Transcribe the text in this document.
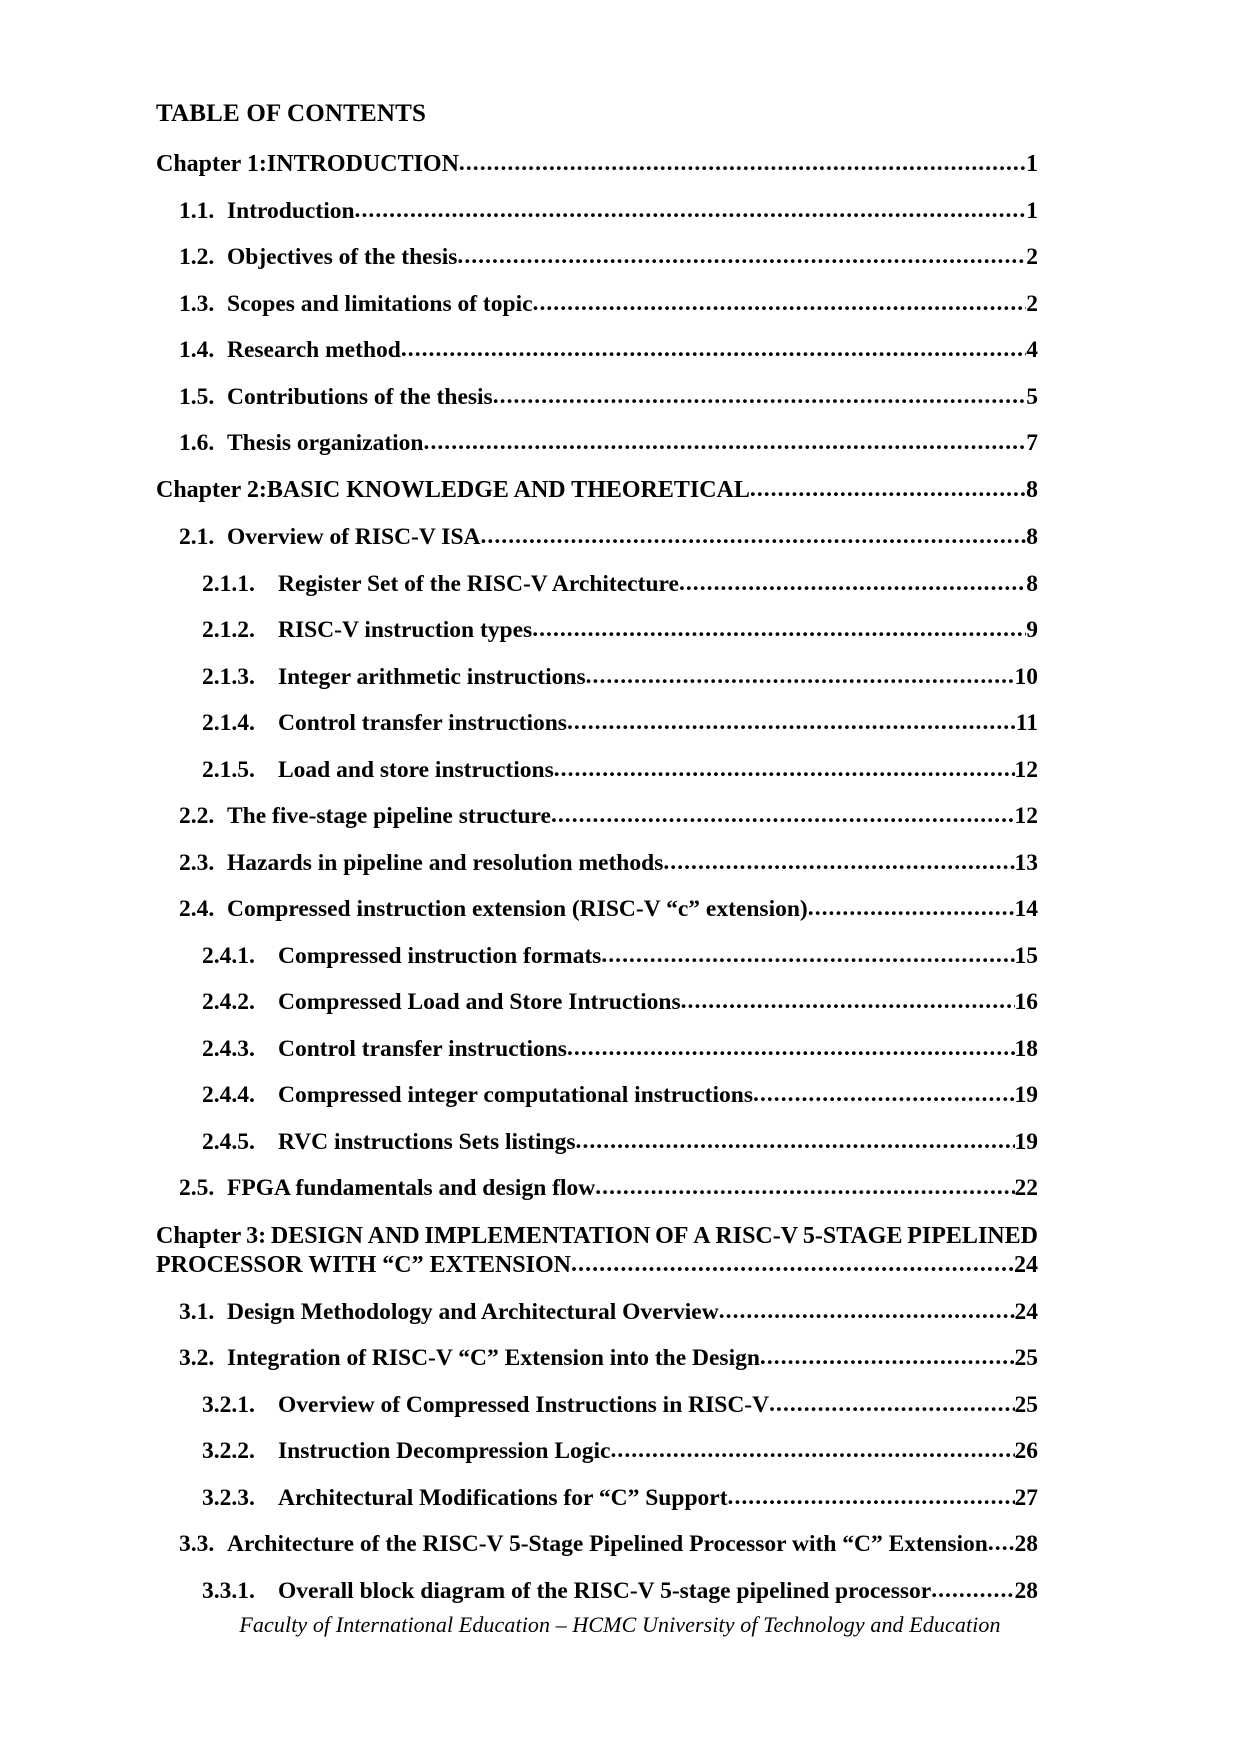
TABLE OF CONTENTS
Chapter 1: INTRODUCTION .....	1
1.1. Introduction .....	1
1.2. Objectives of the thesis .....	2
1.3. Scopes and limitations of topic .....	2
1.4. Research method .....	4
1.5. Contributions of the thesis .....	5
1.6. Thesis organization .....	7
Chapter 2: BASIC KNOWLEDGE AND THEORETICAL .....	8
2.1. Overview of RISC-V ISA .....	8
2.1.1. Register Set of the RISC-V Architecture .....	8
2.1.2. RISC-V instruction types .....	9
2.1.3. Integer arithmetic instructions .....	10
2.1.4. Control transfer instructions .....	11
2.1.5. Load and store instructions .....	12
2.2. The five-stage pipeline structure .....	12
2.3. Hazards in pipeline and resolution methods .....	13
2.4. Compressed instruction extension (RISC-V “c” extension) .....	14
2.4.1. Compressed instruction formats .....	15
2.4.2. Compressed Load and Store Intructions .....	16
2.4.3. Control transfer instructions .....	18
2.4.4. Compressed integer computational instructions .....	19
2.4.5. RVC instructions Sets listings .....	19
2.5. FPGA fundamentals and design flow .....	22
Chapter 3: DESIGN AND IMPLEMENTATION OF A RISC-V 5-STAGE PIPELINED
PROCESSOR WITH “C” EXTENSION .....	24
3.1. Design Methodology and Architectural Overview .....	24
3.2. Integration of RISC-V “C” Extension into the Design .....	25
3.2.1. Overview of Compressed Instructions in RISC-V .....	25
3.2.2. Instruction Decompression Logic .....	26
3.2.3. Architectural Modifications for “C” Support .....	27
3.3. Architecture of the RISC-V 5-Stage Pipelined Processor with “C” Extension ..... 28
3.3.1. Overall block diagram of the RISC-V 5-stage pipelined processor .....	28
Faculty of International Education – HCMC University of Technology and Education
